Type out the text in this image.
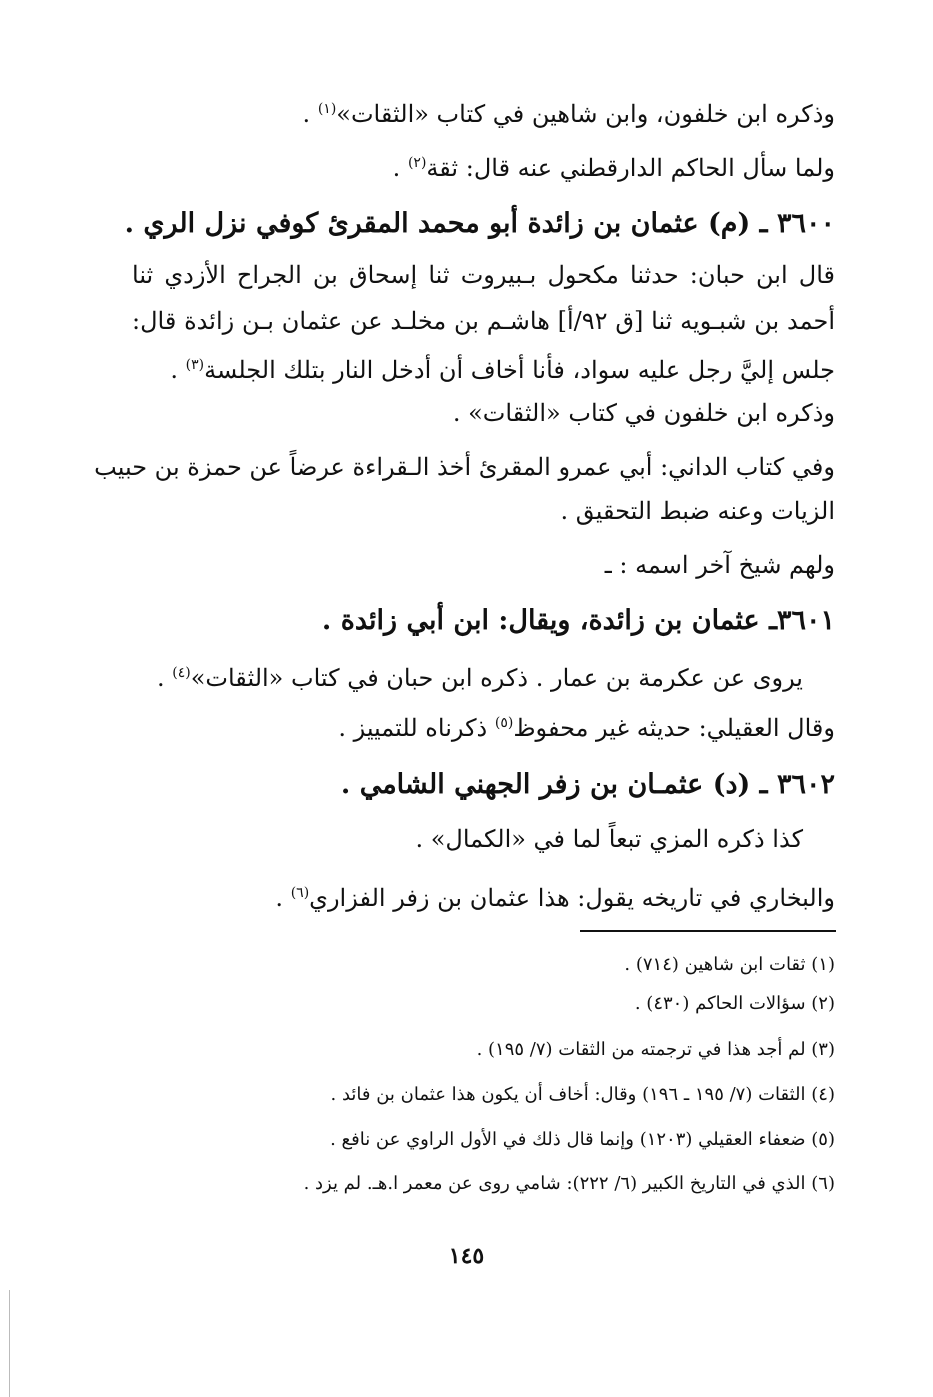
وذكره ابن خلفون، وابن شاهين في كتاب «الثقات»$^{(١)}$ .
ولما سأل الحاكم الدارقطني عنه قال: ثقة$^{(٢)}$ .
٣٦٠٠ ـ (م) عثمان بن زائدة أبو محمد المقرئ كوفي نزل الري .
قال ابن حبان: حدثنا مكحول بـبيروت ثنا إسحاق بن الجراح الأزدي ثنا
أحمد بن شبـويه ثنا [ق ٩٢/أ] هاشـم بن مخلـد عن عثمان بـن زائدة قال:
جلس إليَّ رجل عليه سواد، فأنا أخاف أن أدخل النار بتلك الجلسة$^{(٣)}$ .
وذكره ابن خلفون في كتاب «الثقات» .
وفي كتاب الداني: أبي عمرو المقرئ أخذ الـقراءة عرضاً عن حمزة بن حبيب
الزيات وعنه ضبط التحقيق .
ولهم شيخ آخر اسمه : ـ
٣٦٠١ـ عثمان بن زائدة، ويقال: ابن أبي زائدة .
يروى عن عكرمة بن عمار . ذكره ابن حبان في كتاب «الثقات»$^{(٤)}$ .
وقال العقيلي: حديثه غير محفوظ$^{(٥)}$ ذكرناه للتمييز .
٣٦٠٢ ـ (د) عثمـان بن زفر الجهني الشامي .
كذا ذكره المزي تبعاً لما في «الكمال» .
والبخاري في تاريخه يقول: هذا عثمان بن زفر الفزاري$^{(٦)}$ .
(١) ثقات ابن شاهين (٧١٤) .
(٢) سؤالات الحاكم (٤٣٠) .
(٣) لم أجد هذا في ترجمته من الثقات (٧/ ١٩٥) .
(٤) الثقات (٧/ ١٩٥ ـ ١٩٦) وقال: أخاف أن يكون هذا عثمان بن فائد .
(٥) ضعفاء العقيلي (١٢٠٣) وإنما قال ذلك في الأول الراوي عن نافع .
(٦) الذي في التاريخ الكبير (٦/ ٢٢٢): شامي روى عن معمر ا.هـ. لم يزد .
١٤٥
